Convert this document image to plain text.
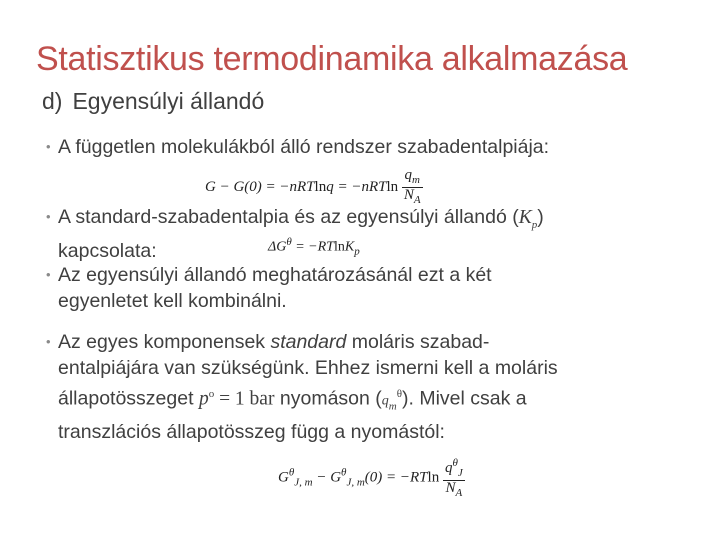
Statisztikus termodinamika alkalmazása
d) Egyensúlyi állandó
• A független molekulákból álló rendszer szabadentalpiája:
$G - G(0) = -nRTlnq = -nRTln \frac{q_m}{N_A}$
• A standard-szabadentalpia és az egyensúlyi állandó $(K_p)$
kapcsolata:	$\Delta G^\theta = -RTlnK_p$
• Az egyensúlyi állandó meghatározásánál ezt a két
egyenletet kell kombinálni.
• Az egyes komponensek standard moláris szabad-
entalpiájára van szükségünk. Ehhez ismerni kell a moláris
állapotösszeget $p^o = 1$ bar nyomáson $(q_m^\theta)$. Mivel csak a
transzlációs állapotösszeg függ a nyomástól:
$G^\theta_{J, m} - G^\theta_{J, m}(0) = -RTln \frac{q^\theta_J}{N_A}$
